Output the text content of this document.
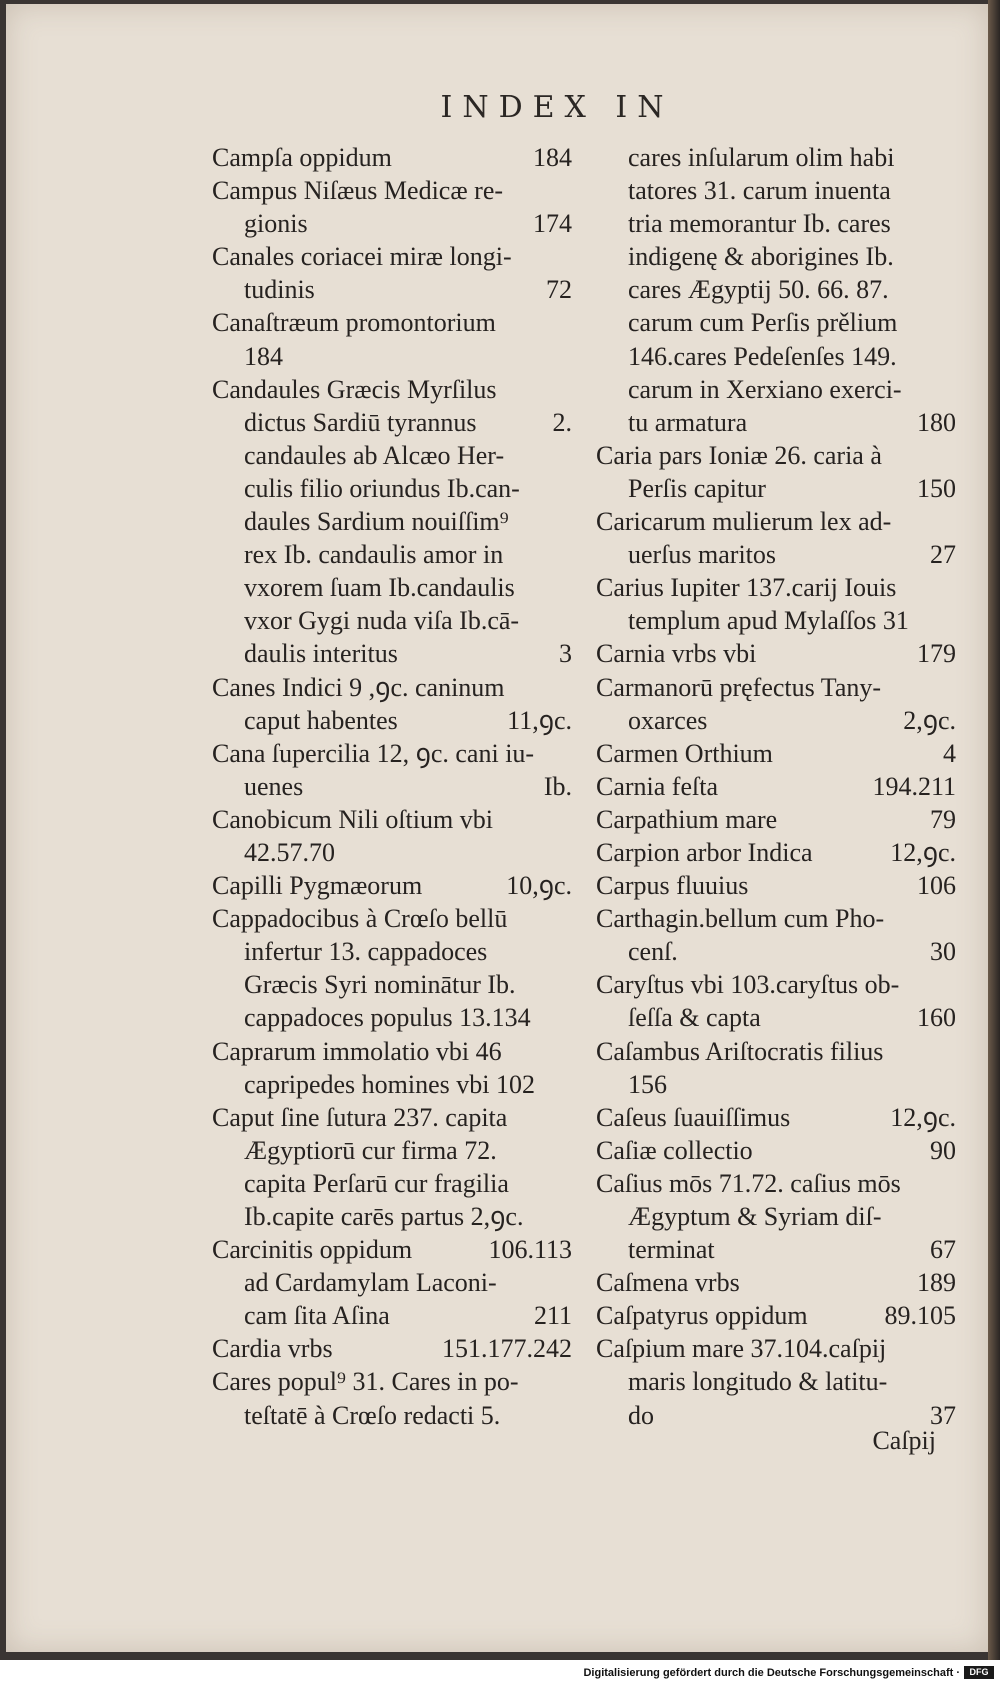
INDEX IN
Campſa oppidum	184
Campus Niſæus Medicæ re-
gionis	174
Canales coriacei miræ longi-
tudinis	72
Canaſtræum promontorium
184
Candaules Græcis Myrſilus
dictus Sardiū tyrannus	2.
candaules ab Alcæo Her-
culis filio oriundus Ib.can-
daules Sardium nouiſſim⁹
rex Ib. candaulis amor in
vxorem ſuam Ib.candaulis
vxor Gygi nuda viſa Ib.cā-
daulis interitus	3
Canes Indici 9 ,ꝯc. caninum
caput habentes	11,ꝯc.
Cana ſupercilia 12, ꝯc. cani iu-
uenes	Ib.
Canobicum Nili oſtium vbi
42.57.70
Capilli Pygmæorum	10,ꝯc.
Cappadocibus à Crœſo bellū
infertur 13. cappadoces
Græcis Syri nominātur Ib.
cappadoces populus 13.134
Caprarum immolatio vbi 46
capripedes homines vbi 102
Caput ſine ſutura 237. capita
Ægyptiorū cur firma 72.
capita Perſarū cur fragilia
Ib.capite carēs partus 2,ꝯc.
Carcinitis oppidum	106.113
ad Cardamylam Laconi-
cam ſita Aſina	211
Cardia vrbs	151.177.242
Cares popul⁹ 31. Cares in po-
teſtatē à Crœſo redacti 5.
cares inſularum olim habi
tatores 31. carum inuenta
tria memorantur Ib. cares
indigenę & aborigines Ib.
cares Ægyptij 50. 66. 87.
carum cum Perſis prělium
146.cares Pedeſenſes 149.
carum in Xerxiano exerci-
tu armatura	180
Caria pars Ioniæ 26. caria à
Perſis capitur	150
Caricarum mulierum lex ad-
uerſus maritos	27
Carius Iupiter 137.carij Iouis
templum apud Mylaſſos 31
Carnia vrbs vbi	179
Carmanorū pręfectus Tany-
oxarces	2,ꝯc.
Carmen Orthium	4
Carnia feſta	194.211
Carpathium mare	79
Carpion arbor Indica	12,ꝯc.
Carpus fluuius	106
Carthagin.bellum cum Pho-
cenſ.	30
Caryſtus vbi 103.caryſtus ob-
ſeſſa & capta	160
Caſambus Ariſtocratis filius
156
Caſeus ſuauiſſimus	12,ꝯc.
Caſiæ collectio	90
Caſius mōs 71.72. caſius mōs
Ægyptum & Syriam diſ-
terminat	67
Caſmena vrbs	189
Caſpatyrus oppidum	89.105
Caſpium mare 37.104.caſpij
maris longitudo & latitu-
do	37
Caſpij
Digitalisierung gefördert durch die Deutsche Forschungsgemeinschaft ·	DFG
